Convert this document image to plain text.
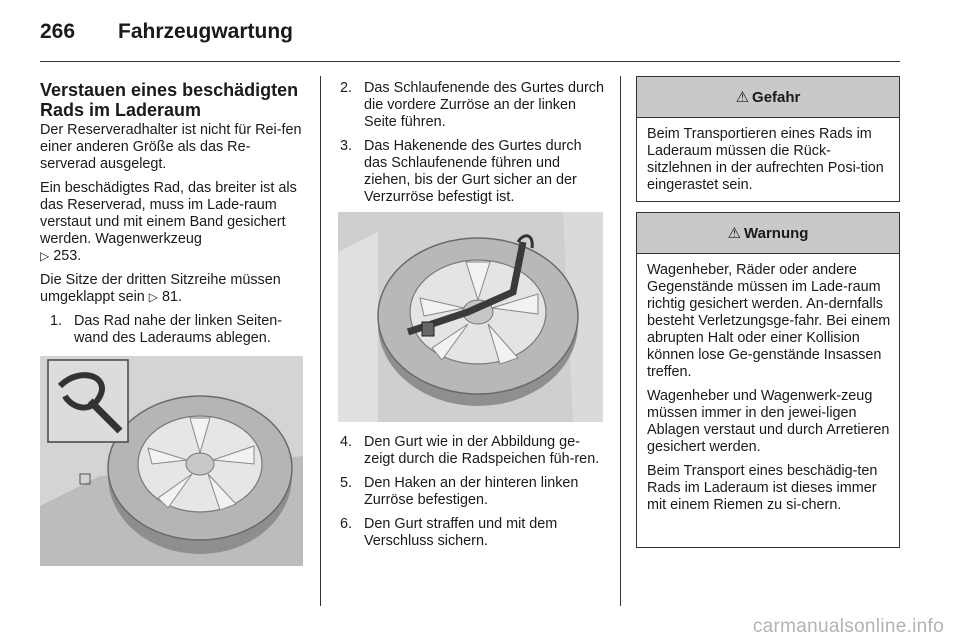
266 Fahrzeugwartung
Verstauen eines beschädigten Rads im Laderaum

Der Reserveradhalter ist nicht für Rei-fen einer anderen Größe als das Re-serverad ausgelegt.

Ein beschädigtes Rad, das breiter ist als das Reserverad, muss im Lade-raum verstaut und mit einem Band gesichert werden. Wagenwerkzeug
▷ 253.

Die Sitze der dritten Sitzreihe müssen umgeklappt sein ▷ 81.

1. Das Rad nahe der linken Seiten-wand des Laderaums ablegen.
2. Das Schlaufenende des Gurtes durch die vordere Zurröse an der linken Seite führen.
3. Das Hakenende des Gurtes durch das Schlaufenende führen und ziehen, bis der Gurt sicher an der Verzurröse befestigt ist.
4. Den Gurt wie in der Abbildung ge-zeigt durch die Radspeichen füh-ren.
5. Den Haken an der hinteren linken Zurröse befestigen.
6. Den Gurt straffen und mit dem Verschluss sichern.
⚠ Gefahr

Beim Transportieren eines Rads im Laderaum müssen die Rück-sitzlehnen in der aufrechten Posi-tion eingerastet sein.

⚠ Warnung

Wagenheber, Räder oder andere Gegenstände müssen im Lade-raum richtig gesichert werden. An-dernfalls besteht Verletzungsge-fahr. Bei einem abrupten Halt oder einer Kollision können lose Ge-genstände Insassen treffen.

Wagenheber und Wagenwerk-zeug müssen immer in den jewei-ligen Ablagen verstaut und durch Arretieren gesichert werden.

Beim Transport eines beschädig-ten Rads im Laderaum ist dieses immer mit einem Riemen zu si-chern.

carmanualsonline.info
